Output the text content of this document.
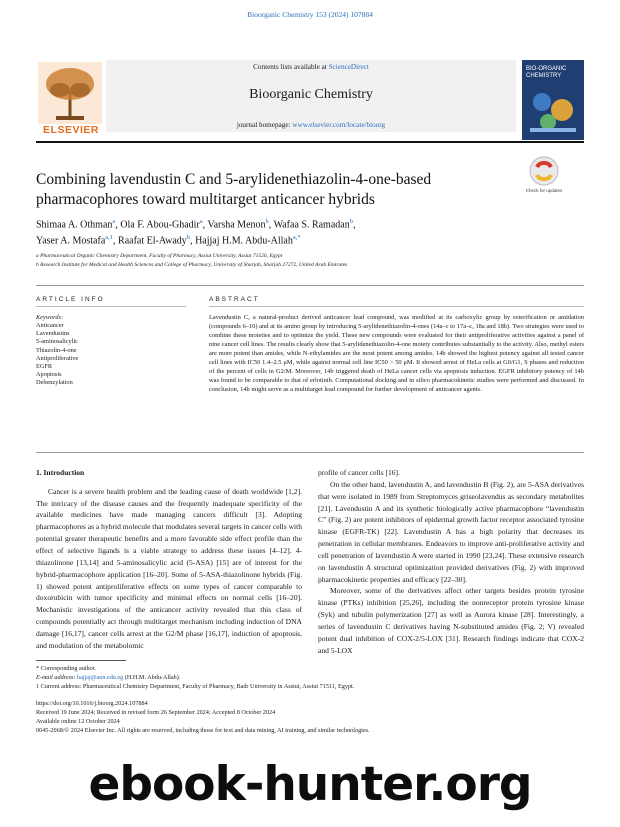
Bioorganic Chemistry 153 (2024) 107884
Contents lists available at ScienceDirect
Bioorganic Chemistry
journal homepage: www.elsevier.com/locate/bioorg
ELSEVIER
BIO-ORGANIC CHEMISTRY
Combining lavendustin C and 5-arylidenethiazolin-4-one-based pharmacophores toward multitarget anticancer hybrids
Check for updates
Shimaa A. Othman$^a$, Ola F. Abou-Ghadir$^a$, Varsha Menon$^b$, Wafaa S. Ramadan$^b$,
Yaser A. Mostafa$^{a,1}$, Raafat El-Awady$^b$, Hajjaj H.M. Abdu-Allah$^{a,*}$
a Pharmaceutical Organic Chemistry Department, Faculty of Pharmacy, Assiut University, Assiut 71526, Egypt
b Research Institute for Medical and Health Sciences and College of Pharmacy, University of Sharjah, Sharjah 27272, United Arab Emirates
ARTICLE INFO	ABSTRACT
Keywords:
Anticancer
Lavendustins
5-aminosalicylic
Thiazolin-4-one
Antiproliferative
EGFR
Apoptosis
Debenzylation
Lavendustin C, a natural-product derived anticancer lead compound, was modified at its carboxylic group by esterification or amidation (compounds 6–10) and at its amino group by introducing 5-arylidenethiazolin-4-ones (14a–c to 17a–c, 18a and 18b). Two strategies were used to combine these moieties and to optimize the yield. These new compounds were evaluated for their antiproliferative activities against a panel of nine cancer cell lines. The results clearly show that 5-arylidenethiazolin-4-one moiety contributes substantially to the activity. Also, methyl esters are more potent than amides, while N-ethylamides are the most potent among amides. 14b showed the highest potency against all tested cancer cell lines with IC50 1.4–2.5 μM, while against normal cell line IC50 > 50 μM. It showed arrest of HeLa cells at G0/G1, S phases and reduction of the percent of cells in G2/M. Moreover, 14b triggered death of HeLa cancer cells via apoptosis induction. EGFR inhibitory potency of 14b was found to be comparable to that of erlotinib. Computational docking and in silico pharmacokinetic studies were performed and discussed. In conclusion, 14b might serve as a multitarget lead compound for further development of anticancer agents.
1. Introduction

Cancer is a severe health problem and the leading cause of death worldwide [1,2]. The intricacy of the disease causes and the frequently inadequate specificity of the available medicines have made managing cancers difficult [3]. Adopting pharmacophores as a hybrid molecule that modulates several targets in cancer cells with potential greater therapeutic benefits and a more favorable side effect profile than the effect of selective ligands is a viable strategy to address these issues [4–12]. 4-thiazolinone [13,14] and 5-aminosalicylic acid (5-ASA) [15] are of interest for the hybrid-pharmacophore application [16–20]. Some of 5-ASA-thiazolinone hybrids (Fig. 1) showed potent antiproliferative effects on some types of cancer comparable to doxorubicin with tumor specificity and minimal effects on normal cells [16–20]. Mechanistic investigations of the anticancer activity revealed that this class of compounds potentially act through multitarget mechanism including induction of DNA damage [16,17], cancer cells arrest at the G2/M phase [16,17], induction of apoptosis, and modulation of the metabolomic

profile of cancer cells [16].

On the other hand, lavendustin A, and lavendustin B (Fig. 2), are 5-ASA derivatives that were isolated in 1989 from Streptomyces griseolavendus as secondary metabolites [21]. Lavendustin A and its synthetic biologically active pharmacophore “lavendustin C” (Fig. 2) are potent inhibitors of epidermal growth factor receptor associated tyrosine kinase (EGFR-TK) [22]. Lavendustin A has a high polarity that decreases its penetration in cellular membranes. Endeavors to improve anti-proliferative activity and cell penetration of lavendustin A were started in 1990 [23,24]. These extensive research on lavendustin A structural optimization provided derivatives (Fig. 2) with improved pharmacokinetic properties and efficacy [22–30].

Moreover, some of the derivatives affect other targets besides protein tyrosine kinase (PTKs) inhibition [25,26], including the nonreceptor protein tyrosine kinase (Syk) and tubulin polymerization [27] as well as Aurora kinase [28]. Interestingly, a series of lavendustin C derivatives having N-substituted amides (Fig. 2; V) revealed potent dual inhibition of COX-2/5-LOX [31]. Research findings indicate that COX-2 and 5-LOX

* Corresponding author.
E-mail address: hajjaj@aun.edu.eg (H.H.M. Abdu-Allah).
1 Current address: Pharmaceutical Chemistry Department, Faculty of Pharmacy, Badr University in Assiut, Assiut 71511, Egypt.
https://doi.org/10.1016/j.bioorg.2024.107884
Received 19 June 2024; Received in revised form 26 September 2024; Accepted 8 October 2024
Available online 12 October 2024
0045-2068/© 2024 Elsevier Inc. All rights are reserved, including those for text and data mining, AI training, and similar technologies.
ebook-hunter.org
